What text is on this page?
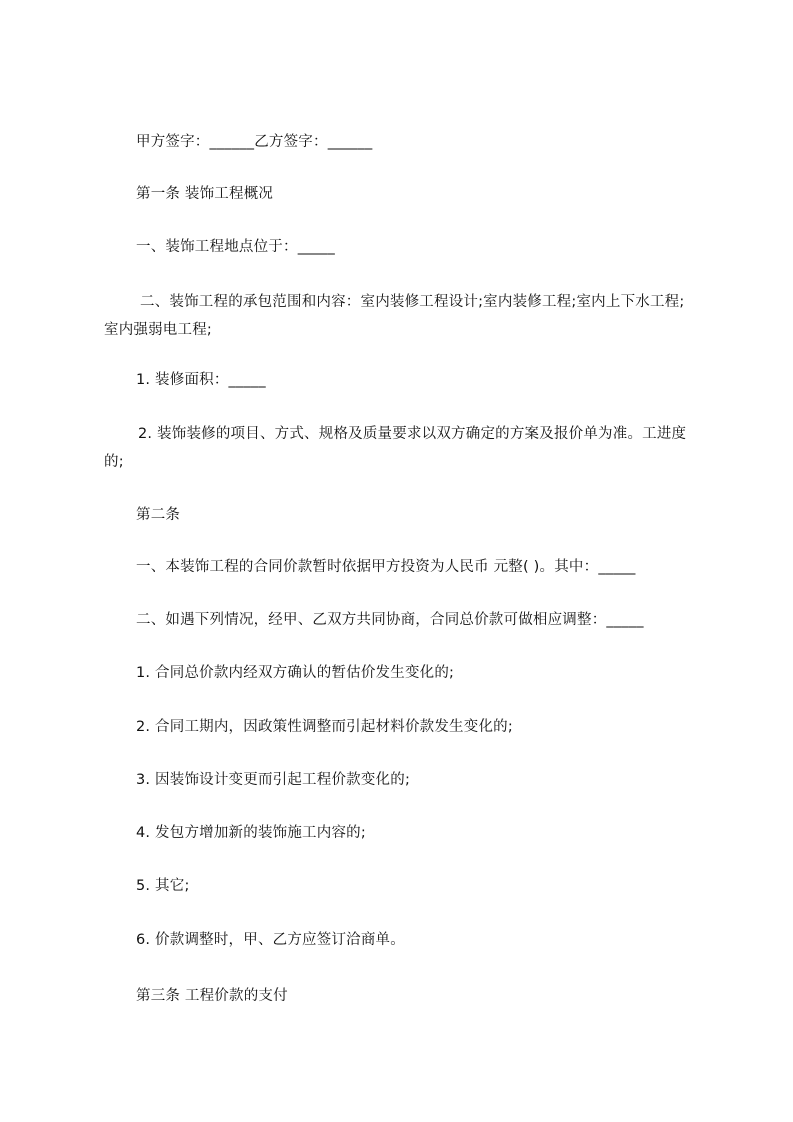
甲方签字：______乙方签字：______
第一条 装饰工程概况
一、装饰工程地点位于：_____
二、装饰工程的承包范围和内容：室内装修工程设计;室内装修工程;室内上下水工程;室内强弱电工程;
1. 装修面积：_____
2. 装饰装修的项目、方式、规格及质量要求以双方确定的方案及报价单为准。工进度的;
第二条
一、本装饰工程的合同价款暂时依据甲方投资为人民币 元整( )。其中：_____
二、如遇下列情况，经甲、乙双方共同协商，合同总价款可做相应调整：_____
1. 合同总价款内经双方确认的暂估价发生变化的;
2. 合同工期内，因政策性调整而引起材料价款发生变化的;
3. 因装饰设计变更而引起工程价款变化的;
4. 发包方增加新的装饰施工内容的;
5. 其它;
6. 价款调整时，甲、乙方应签订洽商单。
第三条 工程价款的支付
